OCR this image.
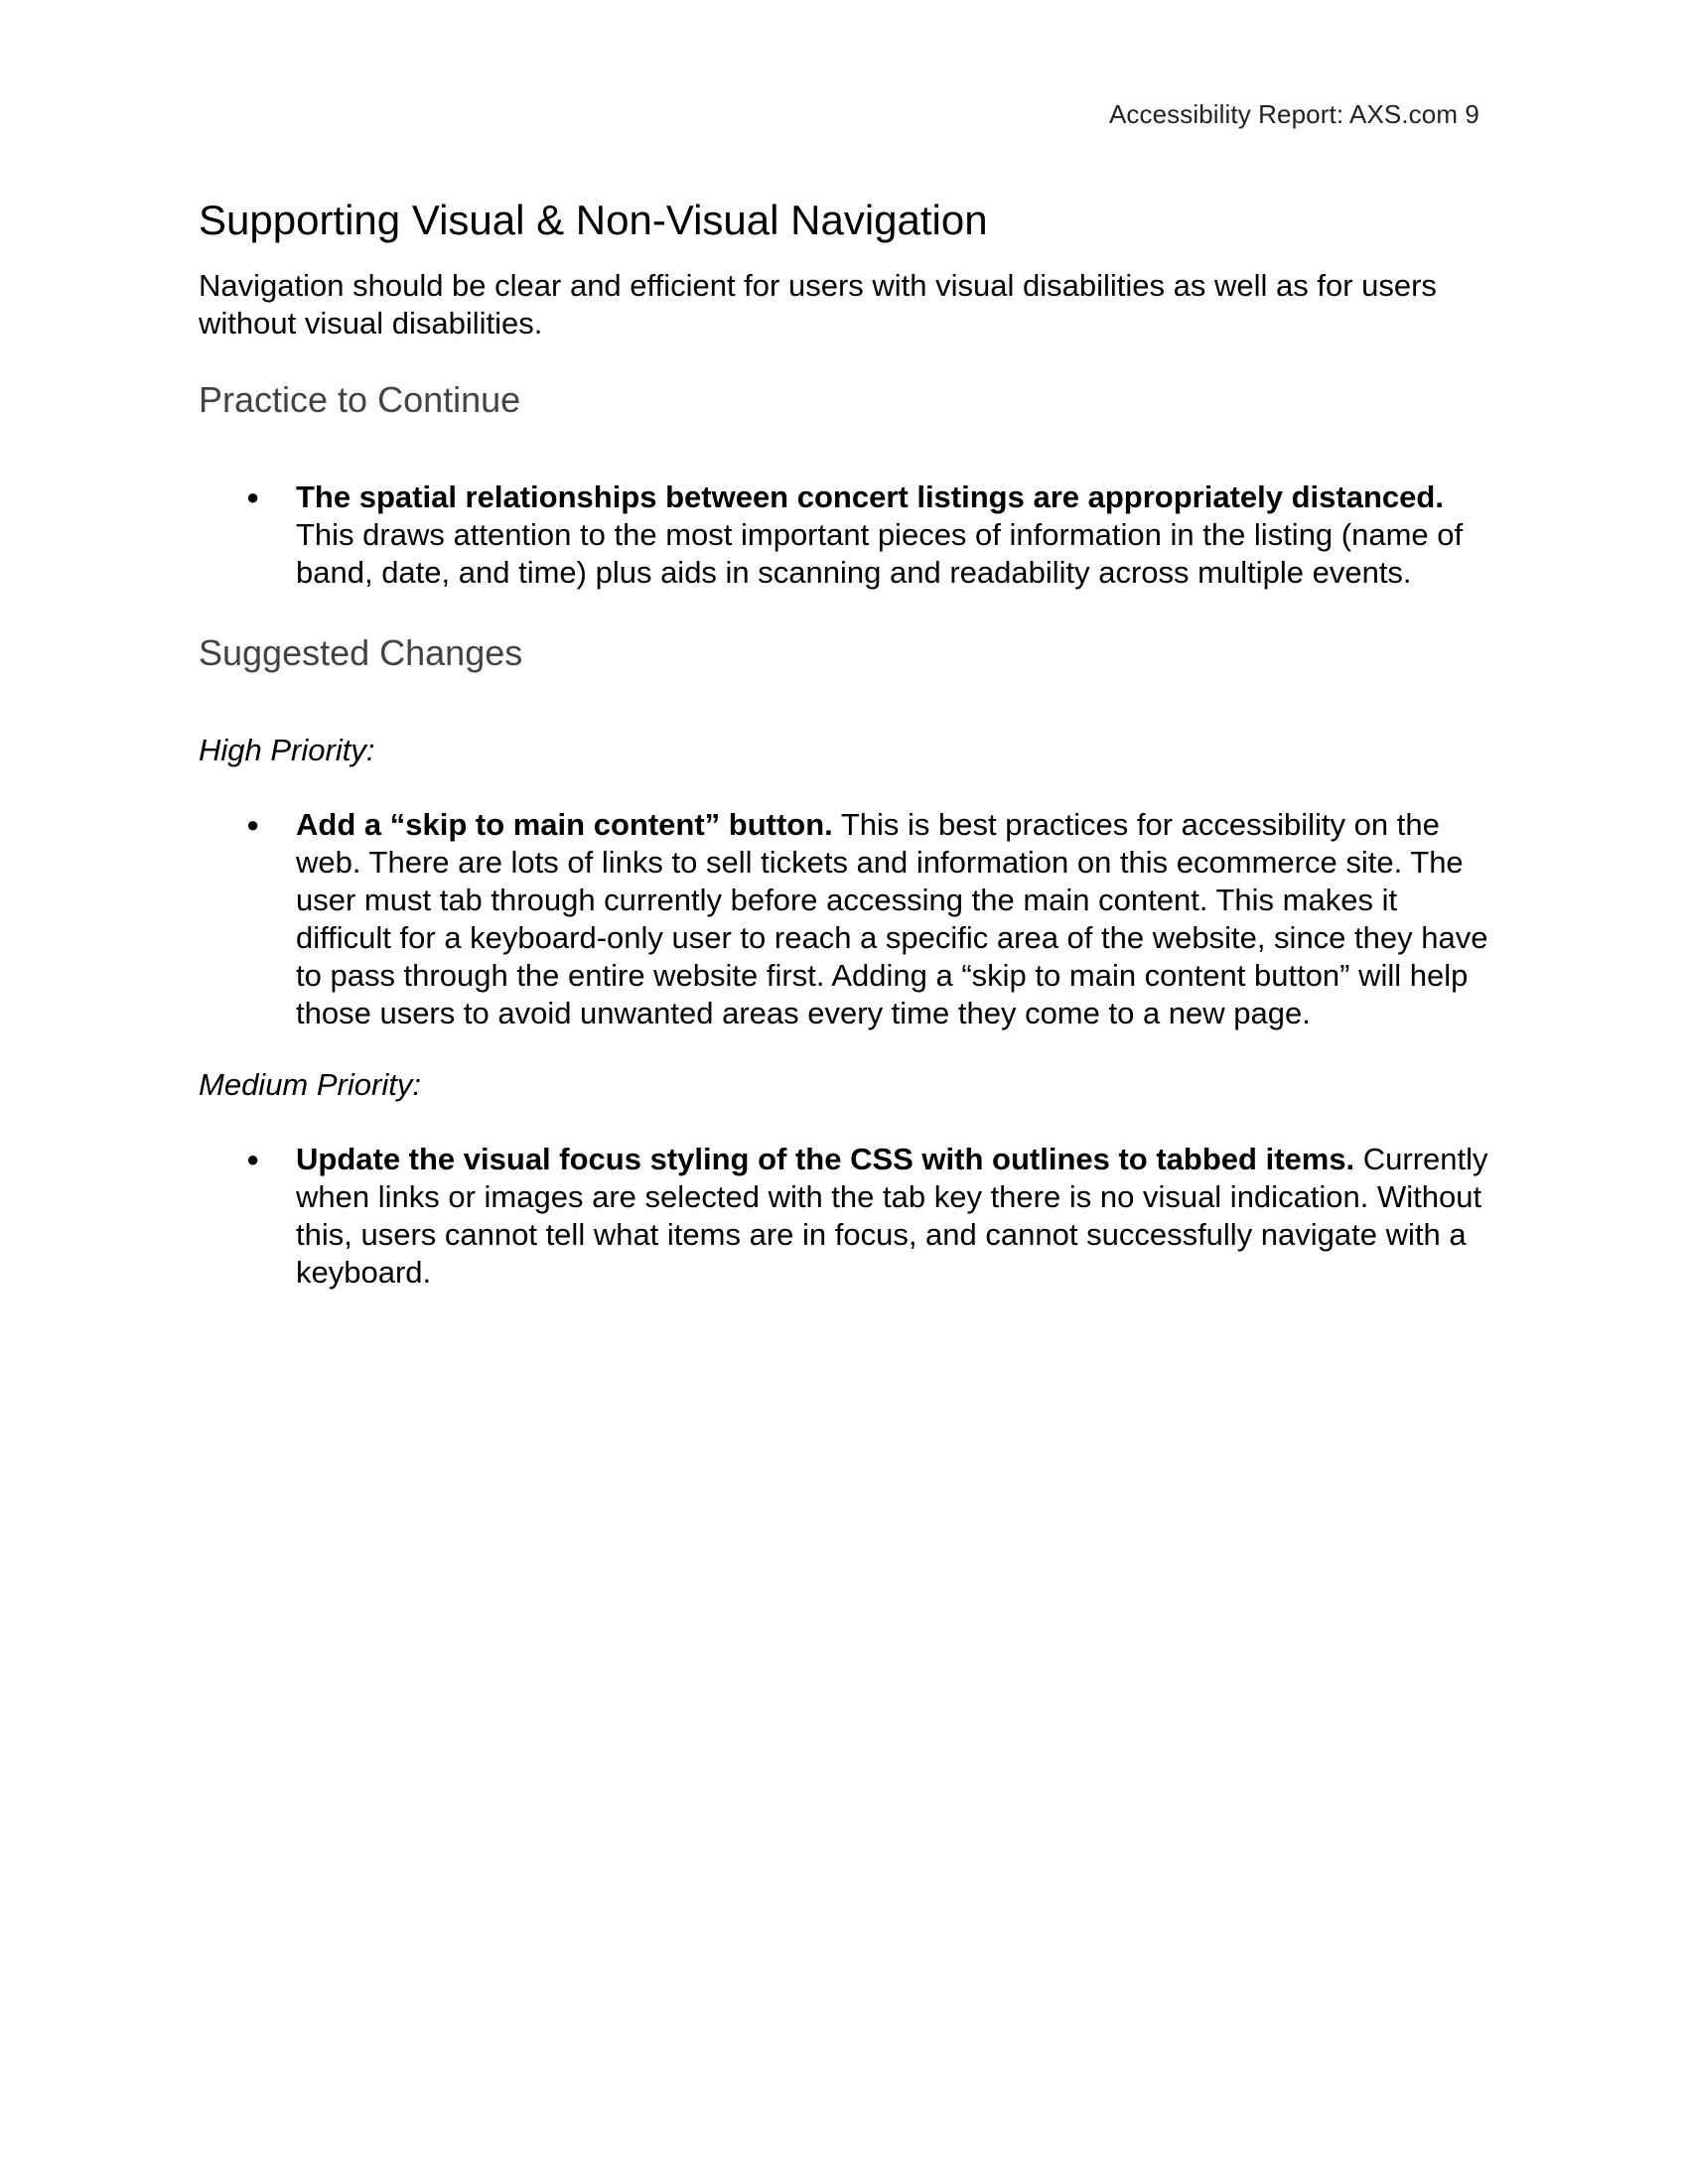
Accessibility Report: AXS.com 9
Supporting Visual & Non-Visual Navigation

Navigation should be clear and efficient for users with visual disabilities as well as for users without visual disabilities.

Practice to Continue
● The spatial relationships between concert listings are appropriately distanced. This draws attention to the most important pieces of information in the listing (name of band, date, and time) plus aids in scanning and readability across multiple events.
Suggested Changes

High Priority:

● Add a “skip to main content” button. This is best practices for accessibility on the web. There are lots of links to sell tickets and information on this ecommerce site. The user must tab through currently before accessing the main content. This makes it difficult for a keyboard-only user to reach a specific area of the website, since they have to pass through the entire website first. Adding a “skip to main content button” will help those users to avoid unwanted areas every time they come to a new page.

Medium Priority:

● Update the visual focus styling of the CSS with outlines to tabbed items. Currently when links or images are selected with the tab key there is no visual indication. Without this, users cannot tell what items are in focus, and cannot successfully navigate with a keyboard.
